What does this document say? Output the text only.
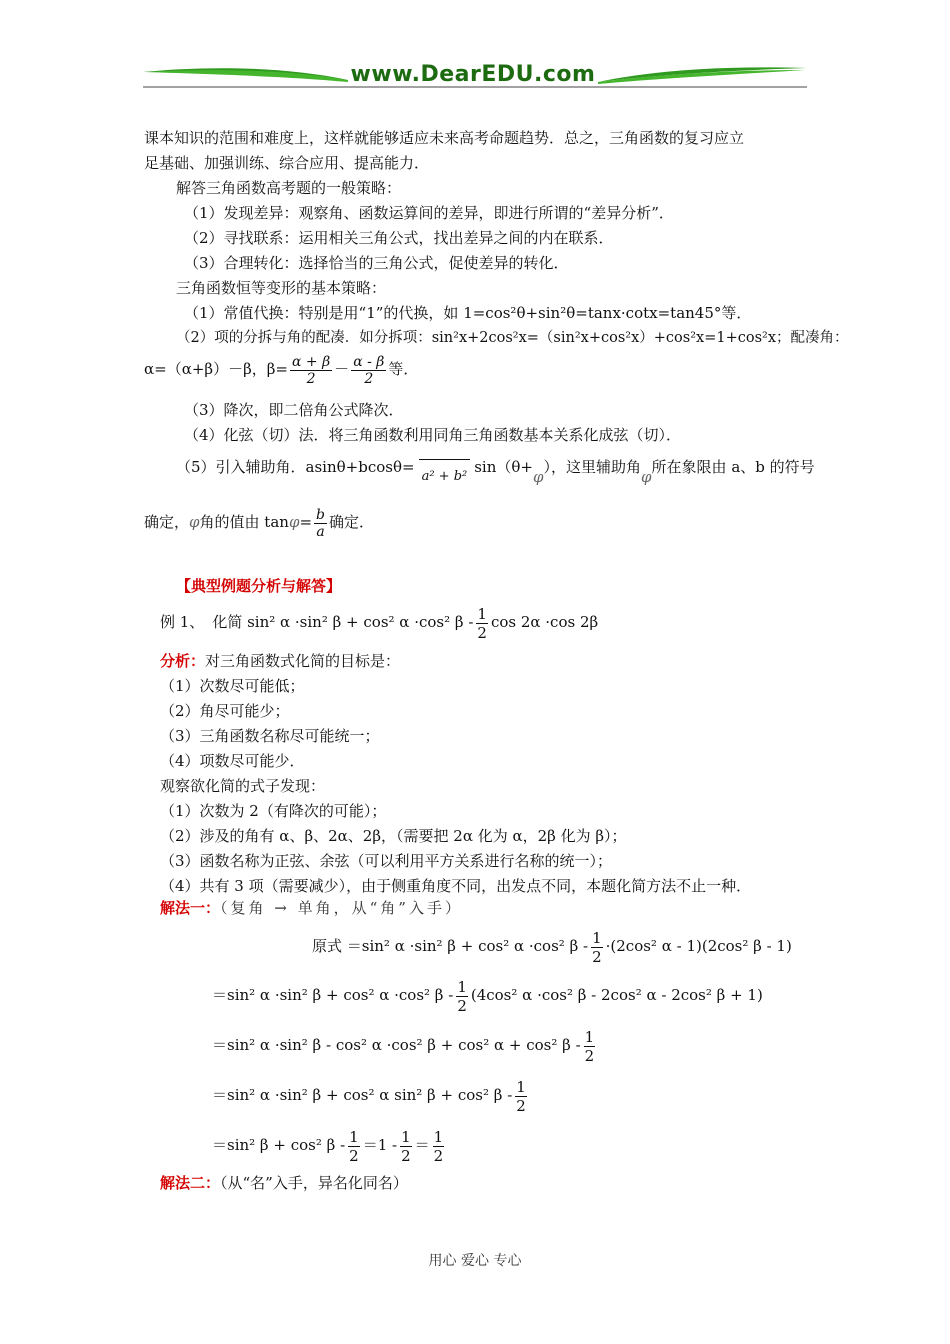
www.DearEDU.com
课本知识的范围和难度上，这样就能够适应未来高考命题趋势．总之，三角函数的复习应立
足基础、加强训练、综合应用、提高能力．
解答三角函数高考题的一般策略：
（1）发现差异：观察角、函数运算间的差异，即进行所谓的“差异分析”．
（2）寻找联系：运用相关三角公式，找出差异之间的内在联系．
（3）合理转化：选择恰当的三角公式，促使差异的转化．
三角函数恒等变形的基本策略：
（1）常值代换：特别是用“1”的代换，如 1=cos²θ+sin²θ=tanx·cotx=tan45°等．
（2）项的分拆与角的配凑．如分拆项：sin²x+2cos²x=（sin²x+cos²x）+cos²x=1+cos²x；配凑角：
α=（α+β）－β，$\beta= \frac{\alpha + \beta}{2} - \frac{\alpha - \beta}{2}$ 等．
（3）降次，即二倍角公式降次．
（4）化弦（切）法．将三角函数利用同角三角函数基本关系化成弦（切）．
（5）引入辅助角．asinθ+bcosθ= a² + b² sin（θ+φ），这里辅助角φ所在象限由 a、b 的符号
确定，φ角的值由 $\tan\varphi= \frac{b}{a}$ 确定．
【典型例题分析与解答】
例 1、 化简 sin² α ·sin² β + cos² α ·cos² β - $\frac{1}{2}$ cos 2α ·cos 2β
分析：对三角函数式化简的目标是：
（1）次数尽可能低；
（2）角尽可能少；
（3）三角函数名称尽可能统一；
（4）项数尽可能少．
观察欲化简的式子发现：
（1）次数为 2（有降次的可能）；
（2）涉及的角有 α、β、2α、2β，（需要把 2α 化为 α，2β 化为 β）；
（3）函数名称为正弦、余弦（可以利用平方关系进行名称的统一）；
（4）共有 3 项（需要减少），由于侧重角度不同，出发点不同，本题化简方法不止一种．
解法一：（复角 → 单角，从“角”入手）
原式 ＝sin² α ·sin² β + cos² α ·cos² $\beta - \frac{1}{2} \cdot(2\cos^2$ α - 1)(2cos² β - 1)
＝sin² α ·sin² β + cos² α ·cos² β - $\frac{1}{2} (4\cos^2$ α ·cos² β - 2cos² α - 2cos² β + 1)
＝sin² α ·sin² β - cos² α ·cos² β + cos² α + cos² β - $\frac{1}{2}$
＝sin² α ·sin² β + cos² α sin² β + cos² β - $\frac{1}{2}$
＝sin² β + cos² $\beta - \frac{1}{2} =1 - \frac{1}{2} = \frac{1}{2}$
解法二：（从“名”入手，异名化同名）
用心 爱心 专心
